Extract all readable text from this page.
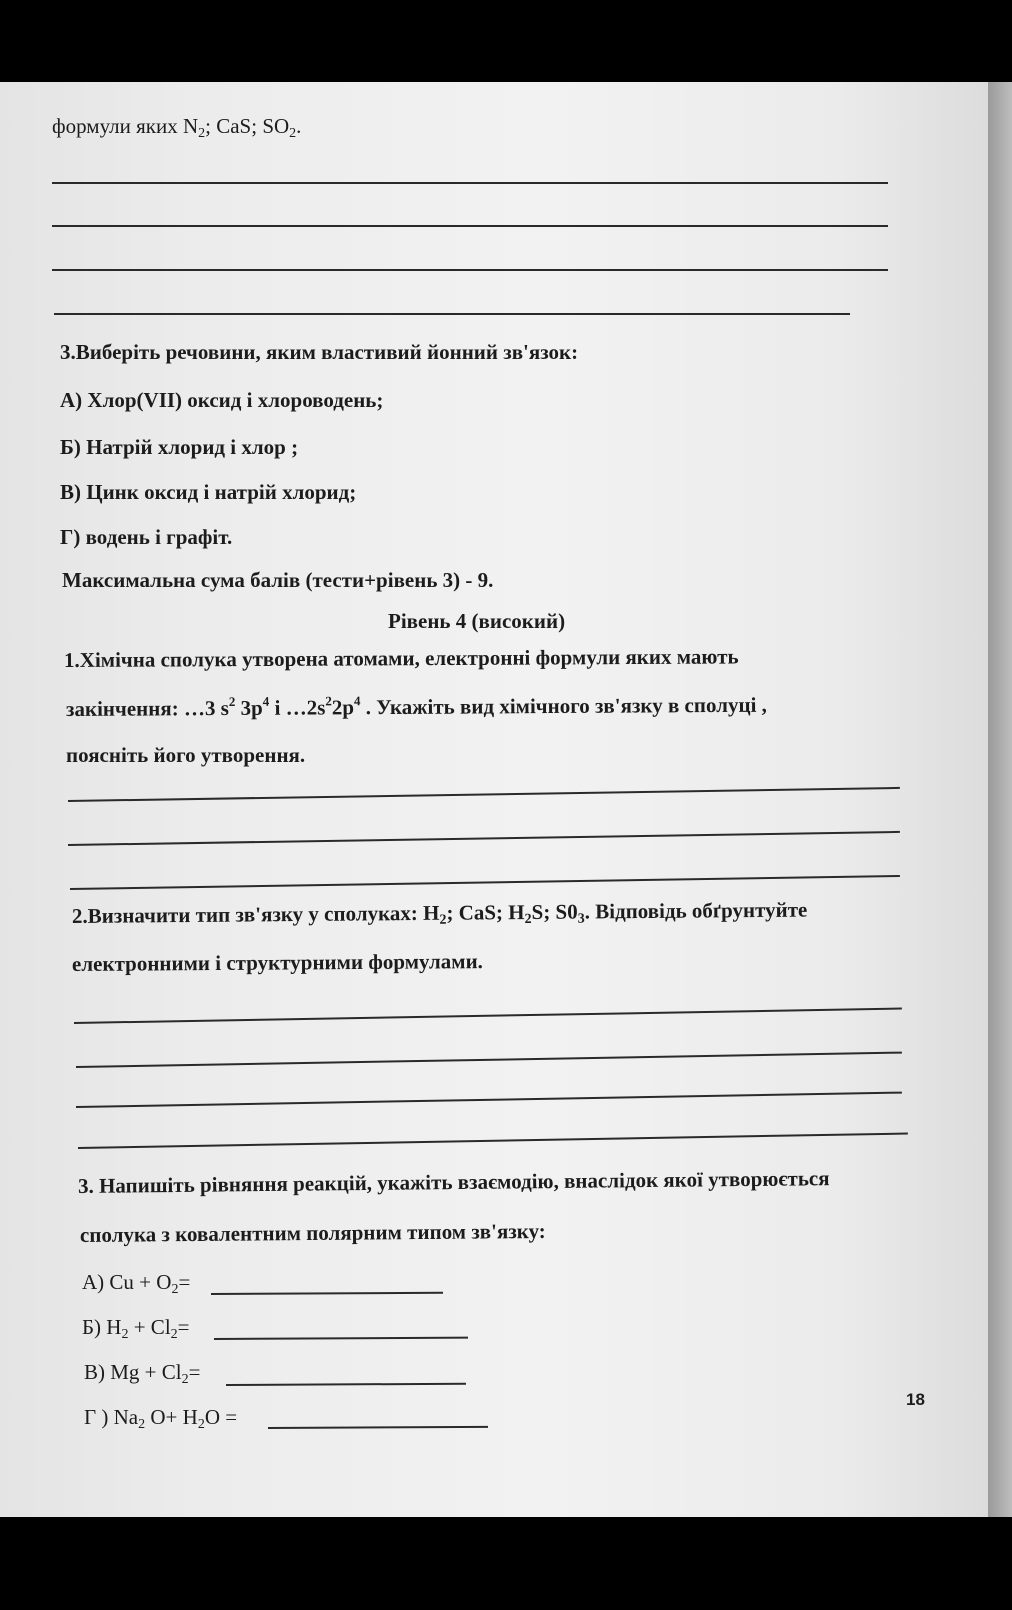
формули яких $N_2$; CaS; $SO_2$.
3.Виберіть речовини, яким властивий йонний зв'язок:
А) Хлор(VII) оксид і хлороводень;
Б) Натрій хлорид і хлор ;
В) Цинк оксид і натрій хлорид;
Г) водень і графіт.
Максимальна сума балів (тести+рівень 3) - 9.
Рівень 4 (високий)
1.Хімічна сполука утворена атомами, електронні формули яких мають
закінчення: …3 $s^2$ $3p^4$ і $\dots 2s^22p^4$ . Укажіть вид хімічного зв'язку в сполуці ,
поясніть його утворення.
2.Визначити тип зв'язку у сполуках: $H_2$; CaS; $H_2S$; $S0_3$. Відповідь обґрунтуйте
електронними і структурними формулами.
3. Напишіть рівняння реакцій, укажіть взаємодію, внаслідок якої утворюється
сполука з ковалентним полярним типом зв'язку:
А) $Cu + O_2=$
Б) $H_2 + Cl_2=$
В) $Mg + Cl_2=$
Г ) $Na_2$ $O+ H_2O$ =
18
